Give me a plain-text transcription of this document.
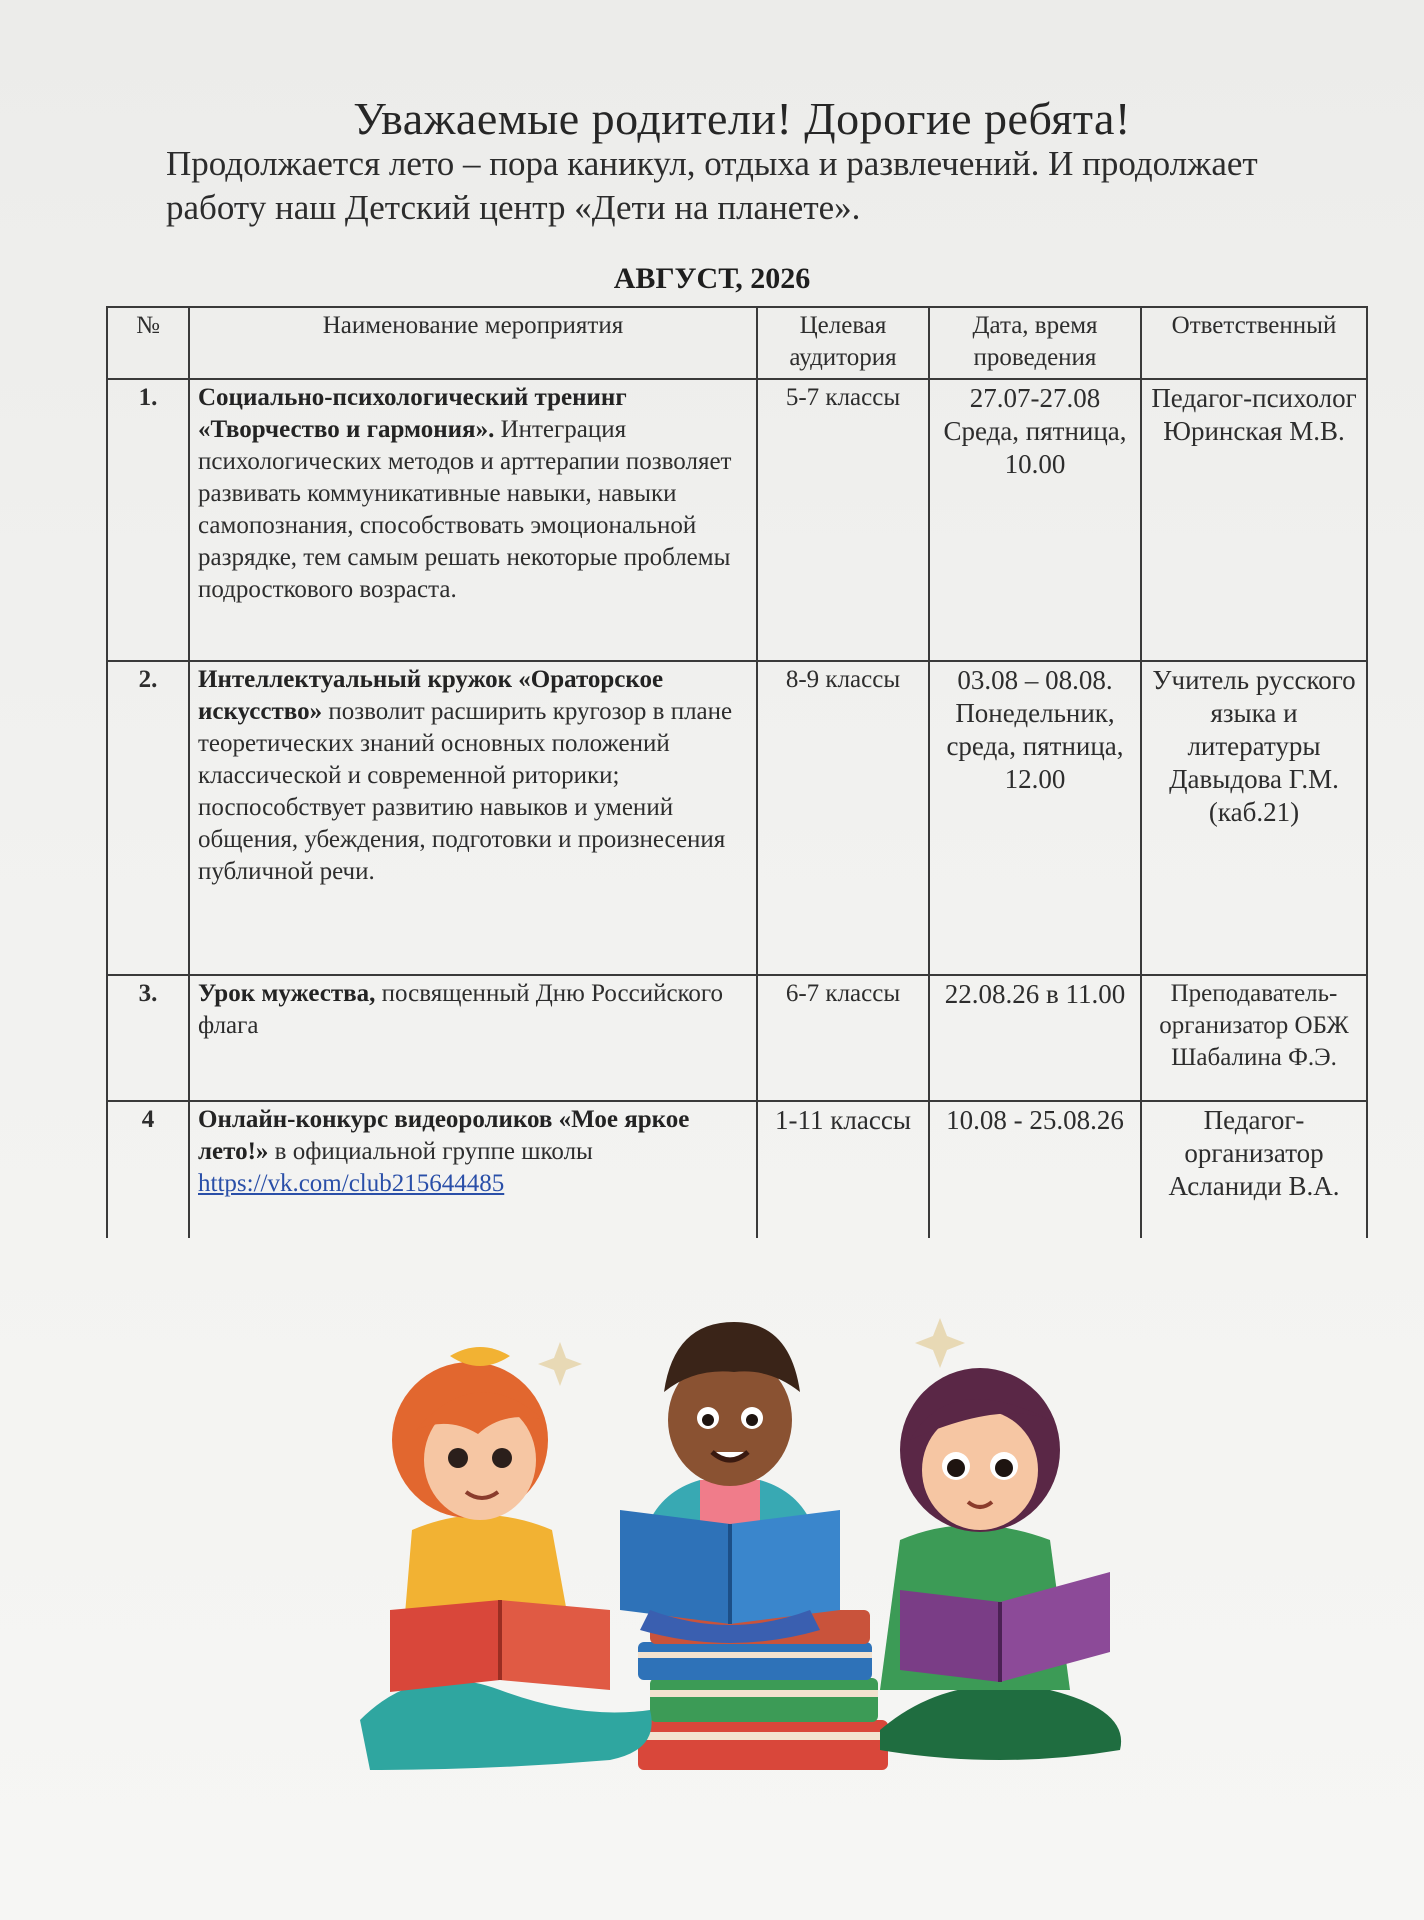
Уважаемые родители! Дорогие ребята!
Продолжается лето – пора каникул, отдыха и развлечений. И продолжает работу наш Детский центр «Дети на планете».
АВГУСТ, 2026
№	Наименование мероприятия	Целевая аудитория	Дата, время проведения	Ответственный
1.	Социально-психологический тренинг «Творчество и гармония». Интеграция психологических методов и арттерапии позволяет развивать коммуникативные навыки, навыки самопознания, способствовать эмоциональной разрядке, тем самым решать некоторые проблемы подросткового возраста.	5-7 классы	27.07-27.08 Среда, пятница, 10.00	Педагог-психолог Юринская М.В.
2.	Интеллектуальный кружок «Ораторское искусство» позволит расширить кругозор в плане теоретических знаний основных положений классической и современной риторики; поспособствует развитию навыков и умений общения, убеждения, подготовки и произнесения публичной речи.	8-9 классы	03.08 – 08.08. Понедельник, среда, пятница, 12.00	Учитель русского языка и литературы Давыдова Г.М. (каб.21)
3.	Урок мужества, посвященный Дню Российского флага	6-7 классы	22.08.26 в 11.00	Преподаватель-организатор ОБЖ Шабалина Ф.Э.
4	Онлайн-конкурс видеороликов «Мое яркое лето!» в официальной группе школы https://vk.com/club215644485	1-11 классы	10.08 - 25.08.26	Педагог-организатор Асланиди В.А.
